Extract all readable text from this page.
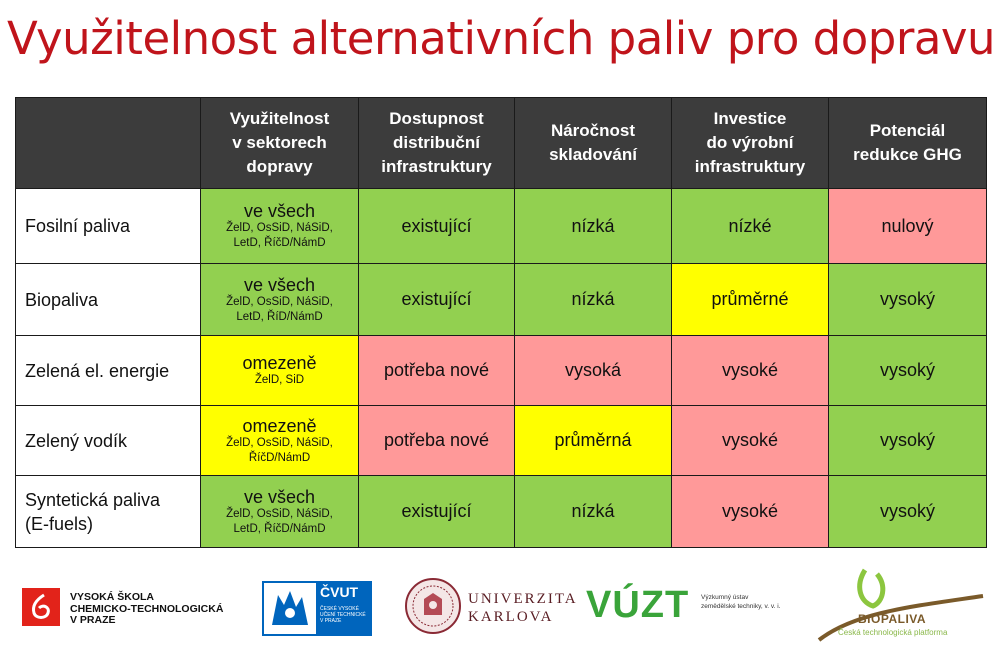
Využitelnost alternativních paliv pro dopravu
	Využitelnost
v sektorech
dopravy	Dostupnost
distribuční
infrastruktury	Náročnost
skladování	Investice
do výrobní
infrastruktury	Potenciál
redukce GHG
Fosilní paliva	ve všech
ŽelD, OsSiD, NáSiD,
LetD, ŘíčD/NámD	existující	nízká	nízké	nulový
Biopaliva	ve všech
ŽelD, OsSiD, NáSiD,
LetD, ŘíD/NámD	existující	nízká	průměrné	vysoký
Zelená el. energie	omezeně
ŽelD, SiD	potřeba nové	vysoká	vysoké	vysoký
Zelený vodík	omezeně
ŽelD, OsSiD, NáSiD,
ŘíčD/NámD	potřeba nové	průměrná	vysoké	vysoký
Syntetická paliva
(E-fuels)	ve všech
ŽelD, OsSiD, NáSiD,
LetD, ŘíčD/NámD	existující	nízká	vysoké	vysoký
VYSOKÁ ŠKOLA
CHEMICKO-TECHNOLOGICKÁ
V PRAZE
ČVUT
ČESKÉ VYSOKÉ
UČENÍ TECHNICKÉ
V PRAZE
UNIVERZITA
KARLOVA VÚZT Výzkumný ústav
zemědělské techniky, v. v. i.
BIOPALIVA
Česká technologická platforma
